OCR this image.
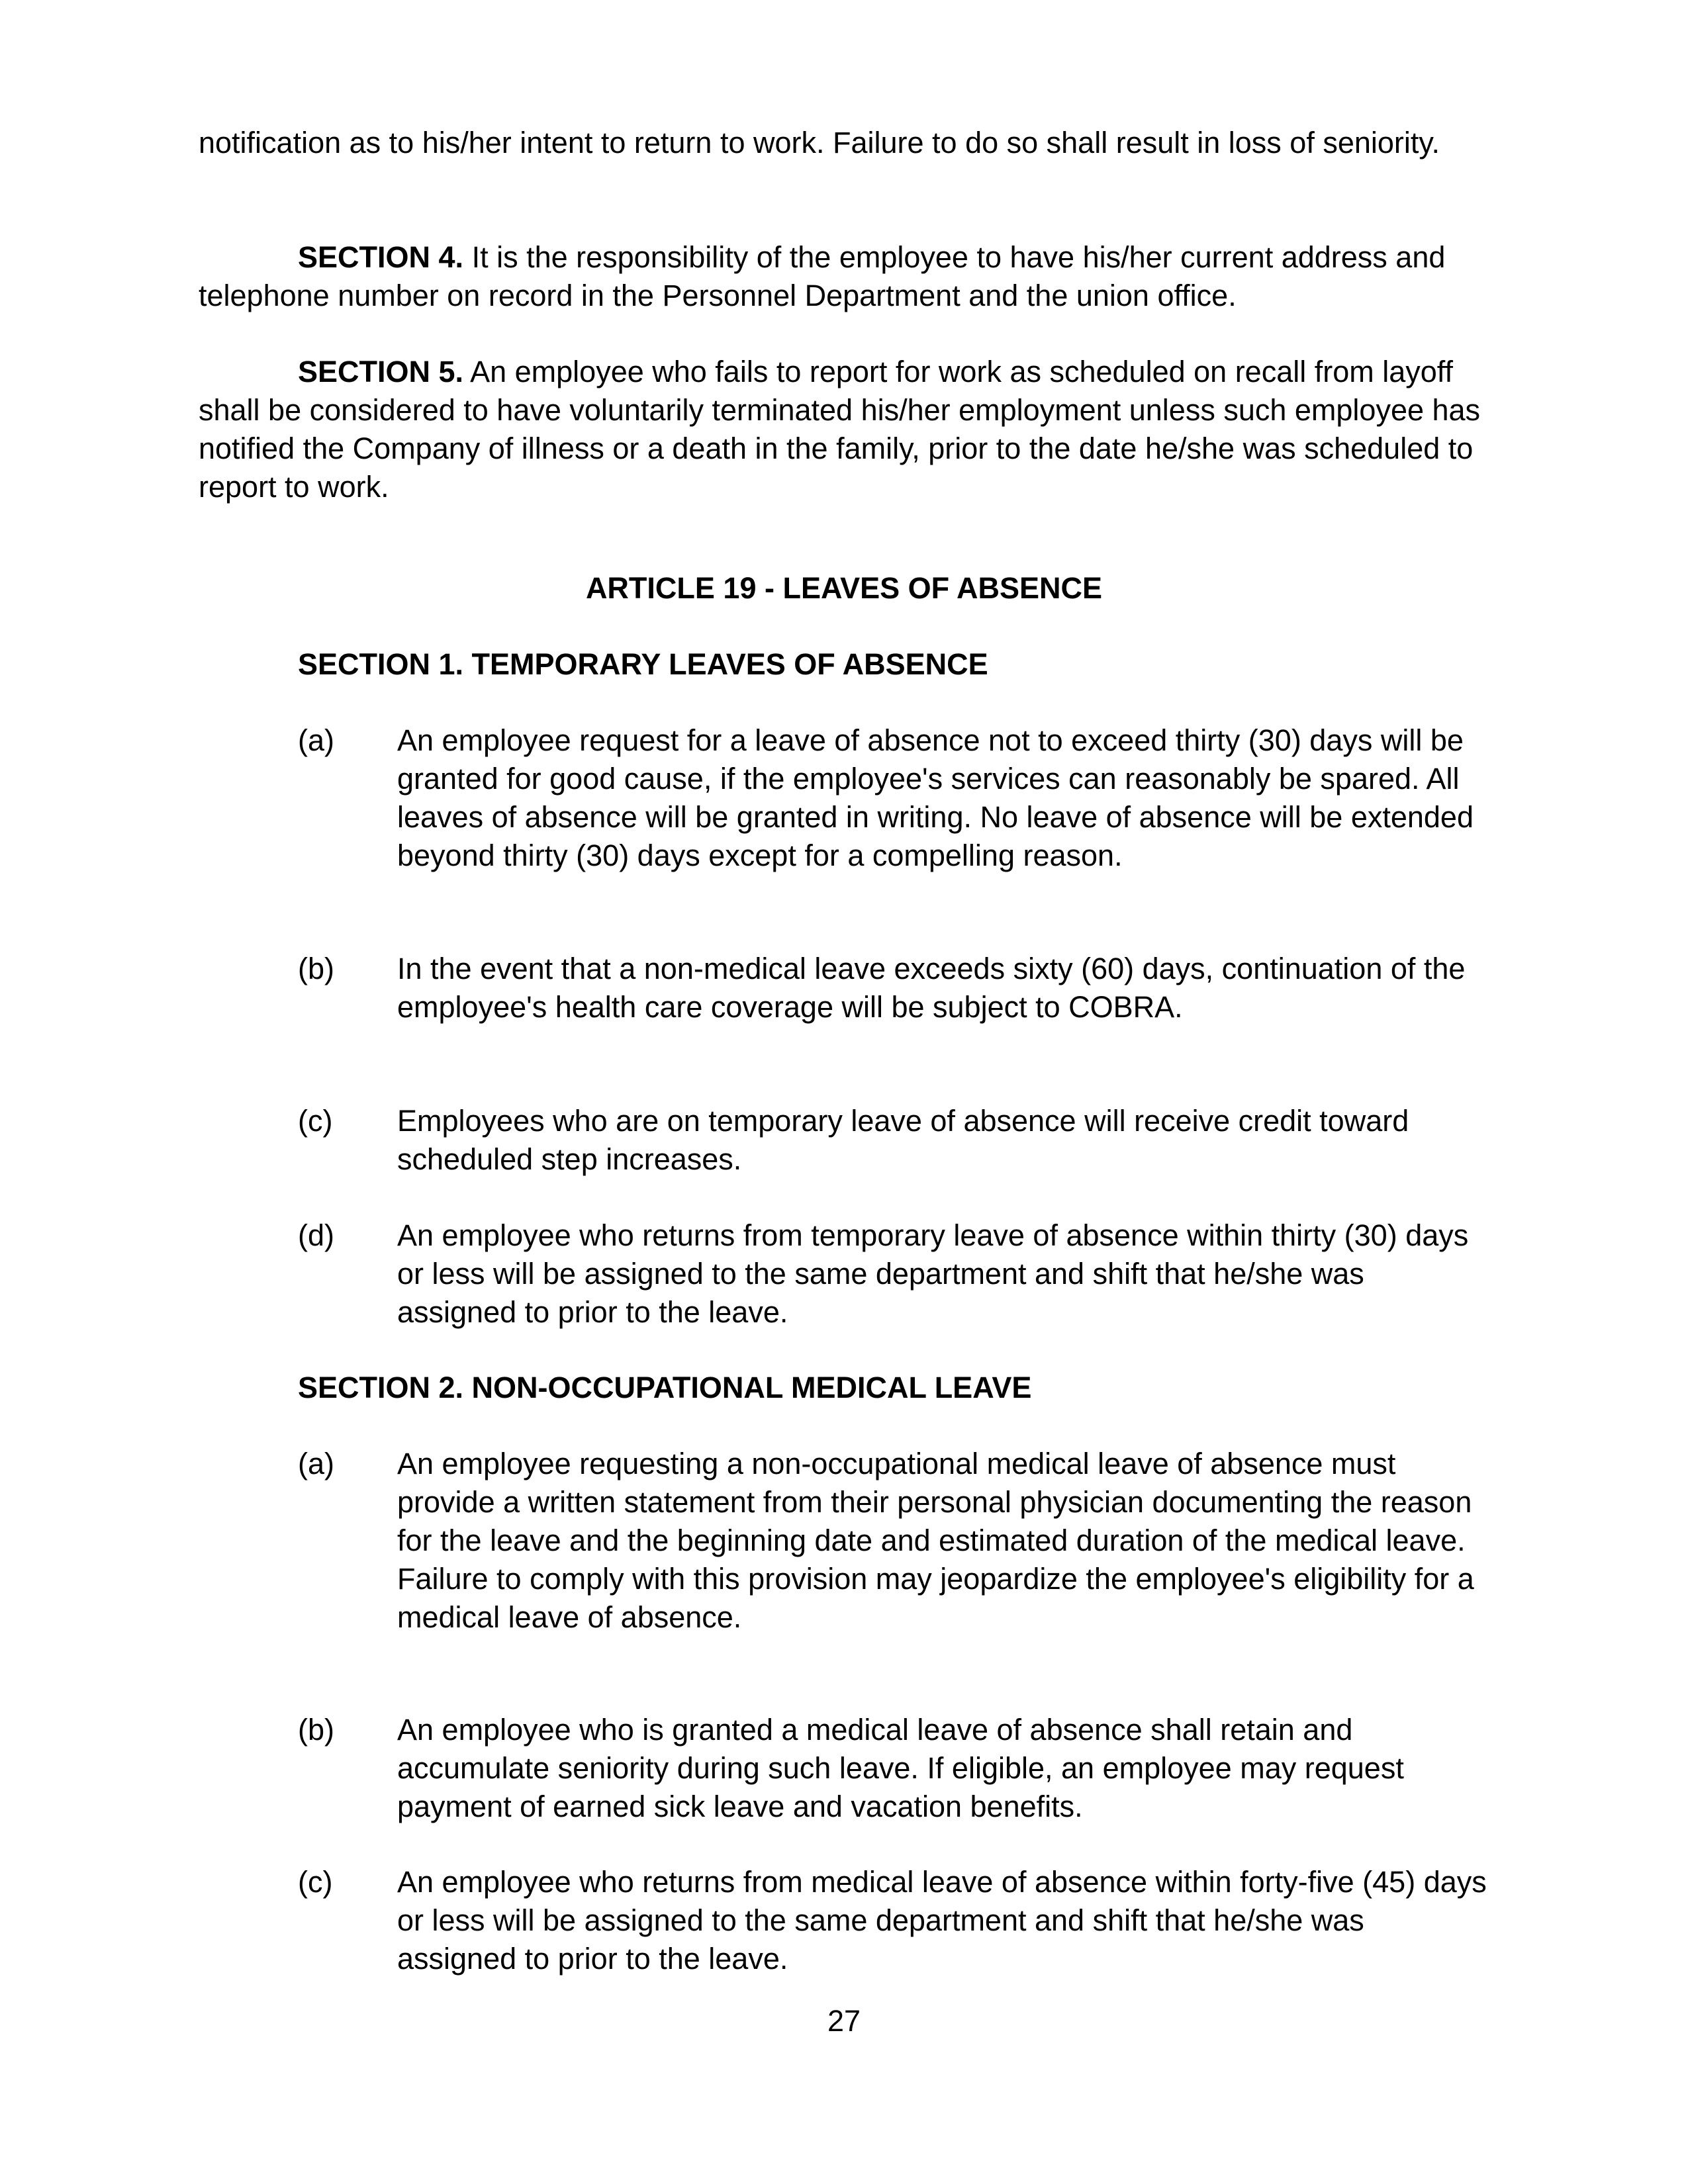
notification as to his/her intent to return to work. Failure to do so shall result in loss of seniority.

SECTION 4. It is the responsibility of the employee to have his/her current address and telephone number on record in the Personnel Department and the union office.

SECTION 5. An employee who fails to report for work as scheduled on recall from layoff shall be considered to have voluntarily terminated his/her employment unless such employee has notified the Company of illness or a death in the family, prior to the date he/she was scheduled to report to work.

ARTICLE 19 - LEAVES OF ABSENCE

SECTION 1. TEMPORARY LEAVES OF ABSENCE

(a)	An employee request for a leave of absence not to exceed thirty (30) days will be granted for good cause, if the employee's services can reasonably be spared. All leaves of absence will be granted in writing. No leave of absence will be extended beyond thirty (30) days except for a compelling reason.
(b)	In the event that a non-medical leave exceeds sixty (60) days, continuation of the employee's health care coverage will be subject to COBRA.
(c)	Employees who are on temporary leave of absence will receive credit toward scheduled step increases.
(d)	An employee who returns from temporary leave of absence within thirty (30) days or less will be assigned to the same department and shift that he/she was assigned to prior to the leave.

SECTION 2. NON-OCCUPATIONAL MEDICAL LEAVE

(a)	An employee requesting a non-occupational medical leave of absence must provide a written statement from their personal physician documenting the reason for the leave and the beginning date and estimated duration of the medical leave. Failure to comply with this provision may jeopardize the employee's eligibility for a medical leave of absence.
(b)	An employee who is granted a medical leave of absence shall retain and accumulate seniority during such leave. If eligible, an employee may request payment of earned sick leave and vacation benefits.
(c)	An employee who returns from medical leave of absence within forty-five (45) days or less will be assigned to the same department and shift that he/she was assigned to prior to the leave.

27
